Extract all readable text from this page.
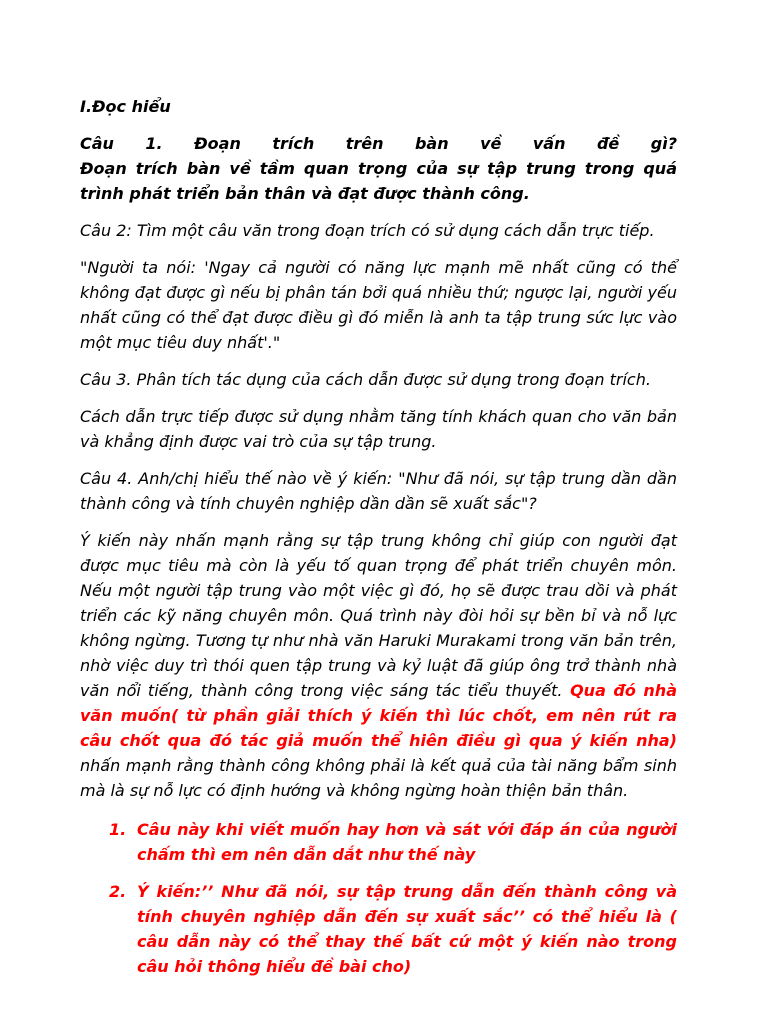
I.Đọc hiểu
Câu 1. Đoạn trích trên bàn về vấn đề gì?
Đoạn trích bàn về tầm quan trọng của sự tập trung trong quá trình phát triển bản thân và đạt được thành công.
Câu 2: Tìm một câu văn trong đoạn trích có sử dụng cách dẫn trực tiếp.
"Người ta nói: 'Ngay cả người có năng lực mạnh mẽ nhất cũng có thể không đạt được gì nếu bị phân tán bởi quá nhiều thứ; ngược lại, người yếu nhất cũng có thể đạt được điều gì đó miễn là anh ta tập trung sức lực vào một mục tiêu duy nhất'."
Câu 3. Phân tích tác dụng của cách dẫn được sử dụng trong đoạn trích.
Cách dẫn trực tiếp được sử dụng nhằm tăng tính khách quan cho văn bản và khẳng định được vai trò của sự tập trung.
Câu 4. Anh/chị hiểu thế nào về ý kiến: "Như đã nói, sự tập trung dần dần thành công và tính chuyên nghiệp dần dần sẽ xuất sắc"?
Ý kiến này nhấn mạnh rằng sự tập trung không chỉ giúp con người đạt được mục tiêu mà còn là yếu tố quan trọng để phát triển chuyên môn. Nếu một người tập trung vào một việc gì đó, họ sẽ được trau dồi và phát triển các kỹ năng chuyên môn. Quá trình này đòi hỏi sự bền bỉ và nỗ lực không ngừng. Tương tự như nhà văn Haruki Murakami trong văn bản trên, nhờ việc duy trì thói quen tập trung và kỷ luật đã giúp ông trở thành nhà văn nổi tiếng, thành công trong việc sáng tác tiểu thuyết. Qua đó nhà văn muốn( từ phần giải thích ý kiến thì lúc chốt, em nên rút ra câu chốt qua đó tác giả muốn thể hiên điều gì qua ý kiến nha) nhấn mạnh rằng thành công không phải là kết quả của tài năng bẩm sinh mà là sự nỗ lực có định hướng và không ngừng hoàn thiện bản thân.
1. Câu này khi viết muốn hay hơn và sát với đáp án của người chấm thì em nên dẫn dắt như thế này
2. Ý kiến:’’ Như đã nói, sự tập trung dẫn đến thành công và tính chuyên nghiệp dẫn đến sự xuất sắc’’ có thể hiểu là ( câu dẫn này có thể thay thế bất cứ một ý kiến nào trong câu hỏi thông hiểu đề bài cho)
